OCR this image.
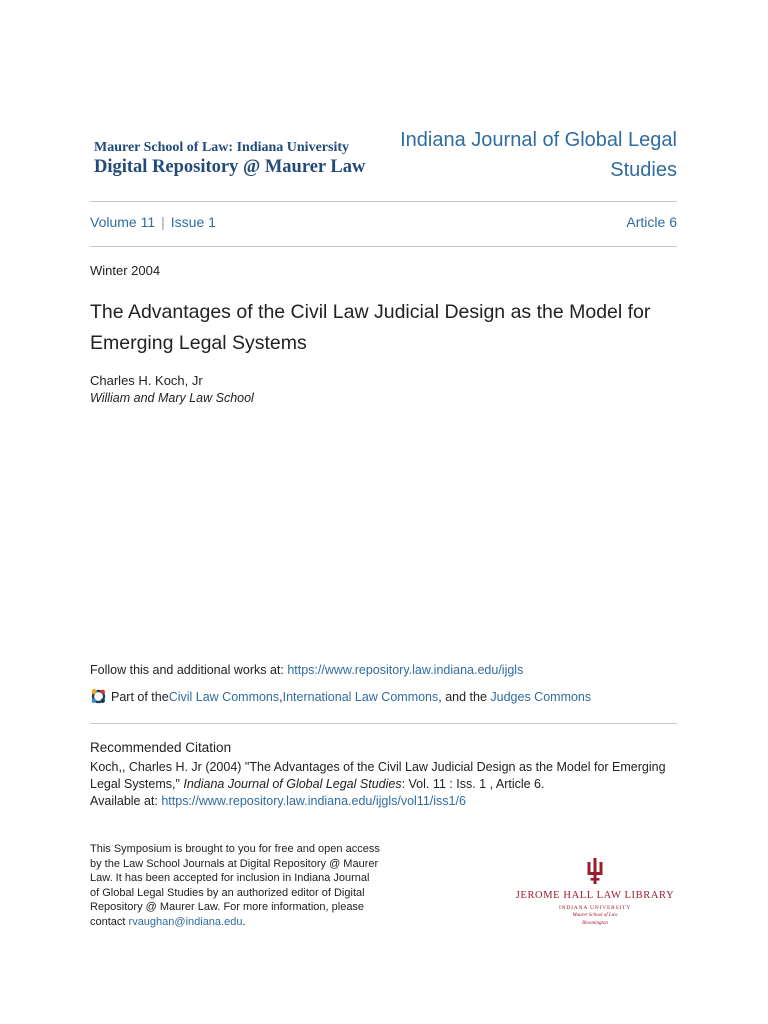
Maurer School of Law: Indiana University
Digital Repository @ Maurer Law
Indiana Journal of Global Legal Studies
Volume 11 | Issue 1	Article 6
Winter 2004
The Advantages of the Civil Law Judicial Design as the Model for Emerging Legal Systems
Charles H. Koch, Jr
William and Mary Law School
Follow this and additional works at: https://www.repository.law.indiana.edu/ijgls
Part of the Civil Law Commons , International Law Commons , and the Judges Commons
Recommended Citation
Koch,, Charles H. Jr (2004) "The Advantages of the Civil Law Judicial Design as the Model for Emerging Legal Systems," Indiana Journal of Global Legal Studies: Vol. 11 : Iss. 1 , Article 6.
Available at: https://www.repository.law.indiana.edu/ijgls/vol11/iss1/6
This Symposium is brought to you for free and open access by the Law School Journals at Digital Repository @ Maurer Law. It has been accepted for inclusion in Indiana Journal of Global Legal Studies by an authorized editor of Digital Repository @ Maurer Law. For more information, please contact rvaughan@indiana.edu.
JEROME HALL LAW LIBRARY
INDIANA UNIVERSITY
Maurer School of Law
Bloomington
